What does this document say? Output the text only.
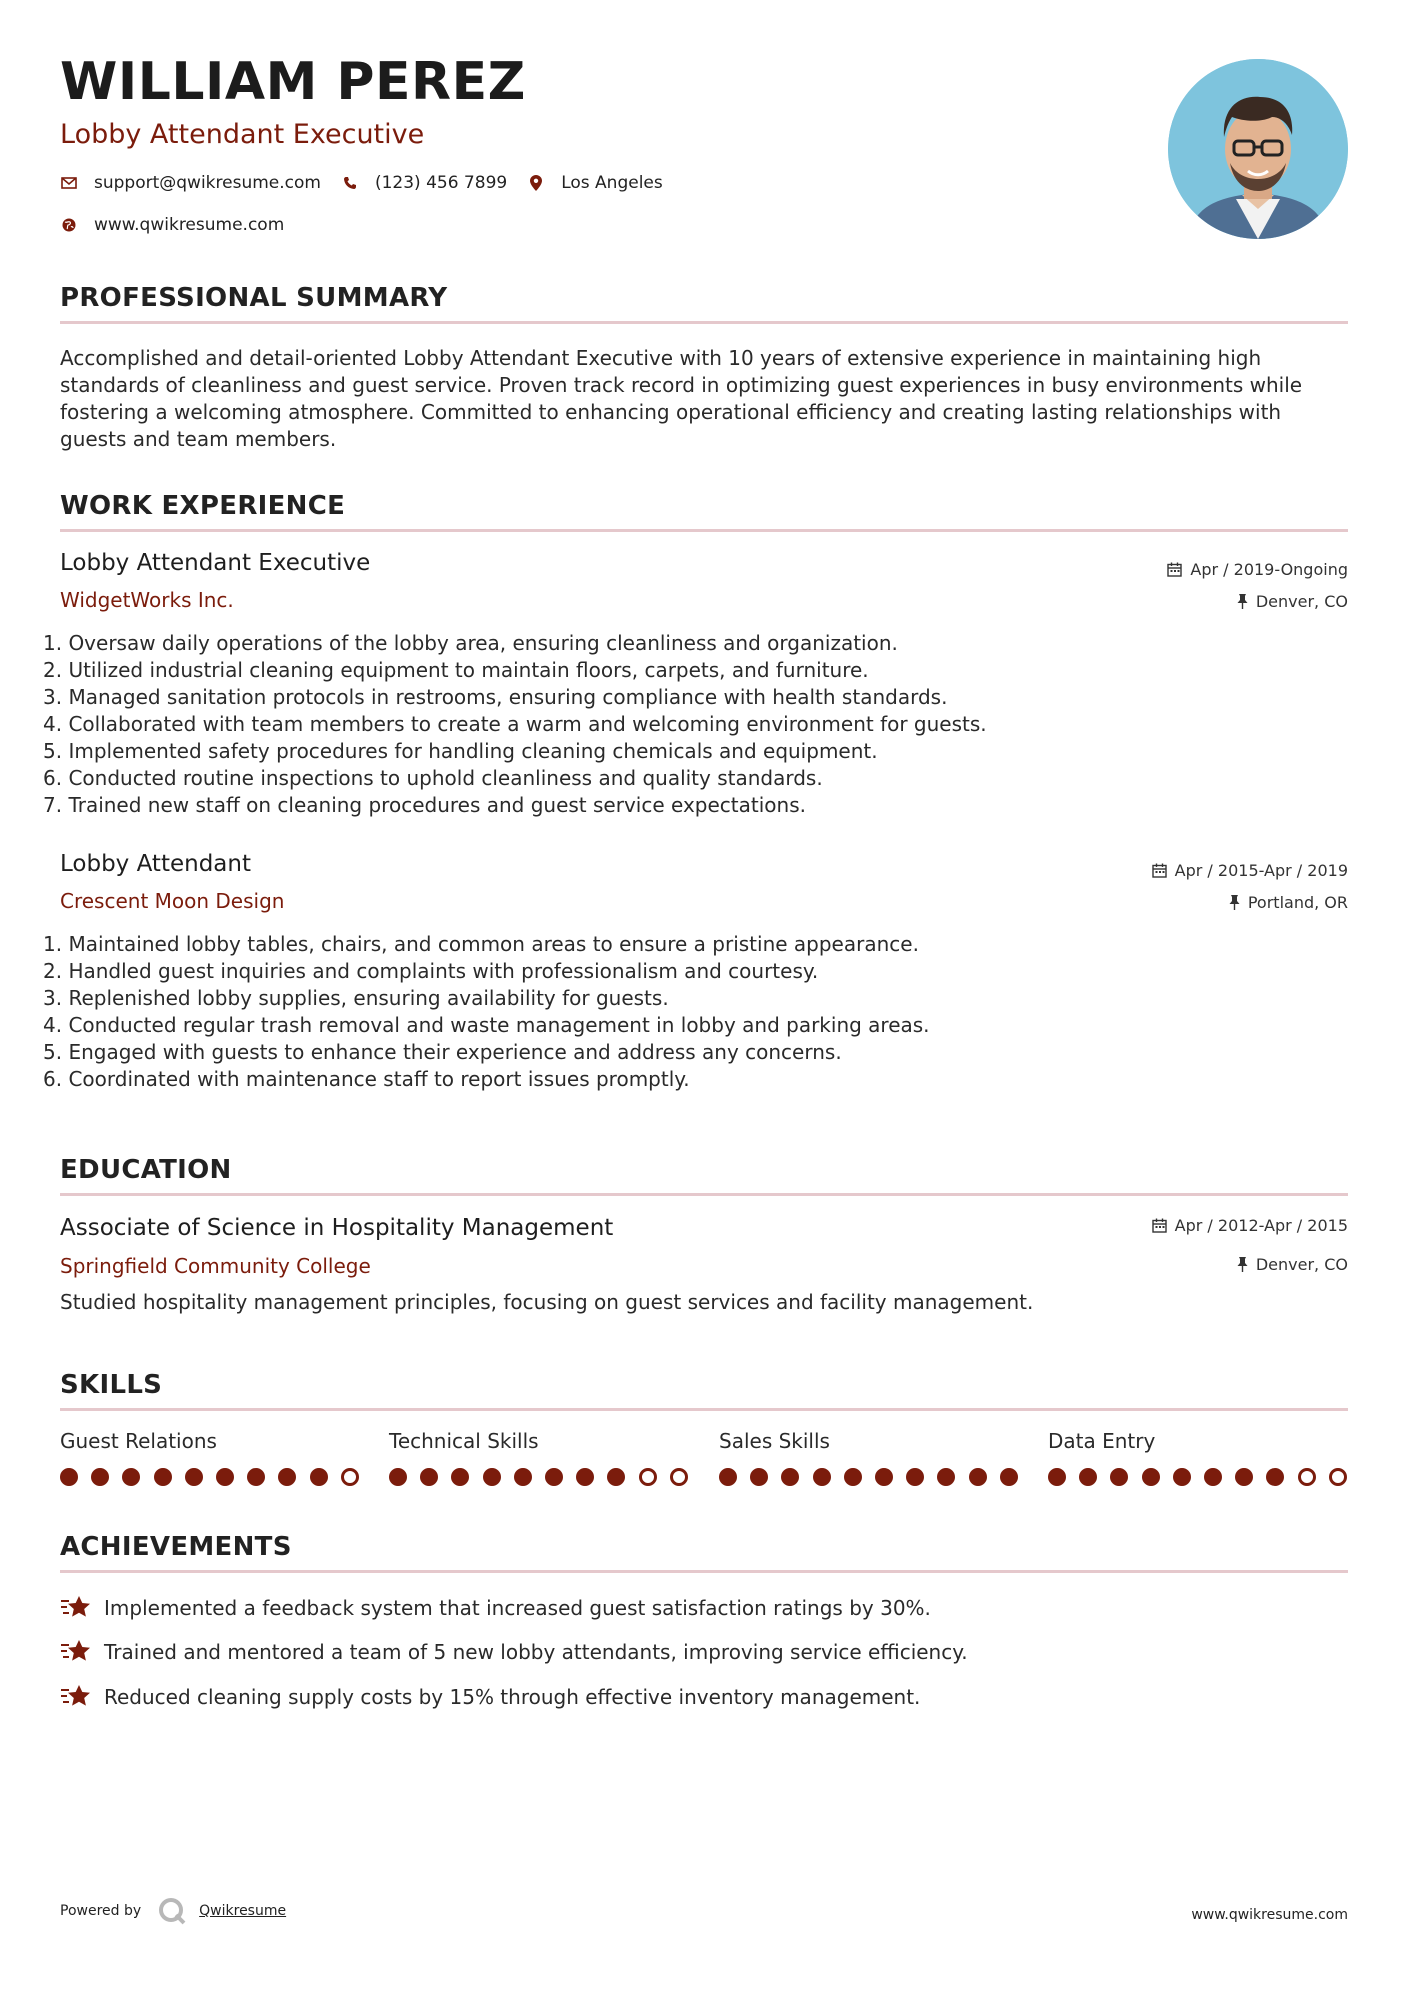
WILLIAM PEREZ
Lobby Attendant Executive
support@qwikresume.com	(123) 456 7899	Los Angeles
www.qwikresume.com
PROFESSIONAL SUMMARY

Accomplished and detail-oriented Lobby Attendant Executive with 10 years of extensive experience in maintaining high standards of cleanliness and guest service. Proven track record in optimizing guest experiences in busy environments while fostering a welcoming atmosphere. Committed to enhancing operational efficiency and creating lasting relationships with guests and team members.

WORK EXPERIENCE
Lobby Attendant Executive
WidgetWorks Inc.
Apr / 2019-Ongoing
Denver, CO
1. Oversaw daily operations of the lobby area, ensuring cleanliness and organization.
2. Utilized industrial cleaning equipment to maintain floors, carpets, and furniture.
3. Managed sanitation protocols in restrooms, ensuring compliance with health standards.
4. Collaborated with team members to create a warm and welcoming environment for guests.
5. Implemented safety procedures for handling cleaning chemicals and equipment.
6. Conducted routine inspections to uphold cleanliness and quality standards.
7. Trained new staff on cleaning procedures and guest service expectations.
Lobby Attendant
Crescent Moon Design
Apr / 2015-Apr / 2019
Portland, OR
1. Maintained lobby tables, chairs, and common areas to ensure a pristine appearance.
2. Handled guest inquiries and complaints with professionalism and courtesy.
3. Replenished lobby supplies, ensuring availability for guests.
4. Conducted regular trash removal and waste management in lobby and parking areas.
5. Engaged with guests to enhance their experience and address any concerns.
6. Coordinated with maintenance staff to report issues promptly.
EDUCATION
Associate of Science in Hospitality Management
Springfield Community College
Apr / 2012-Apr / 2015
Denver, CO

Studied hospitality management principles, focusing on guest services and facility management.

SKILLS
Guest Relations	Technical Skills	Sales Skills	Data Entry
ACHIEVEMENTS
Implemented a feedback system that increased guest satisfaction ratings by 30%.
Trained and mentored a team of 5 new lobby attendants, improving service efficiency.
Reduced cleaning supply costs by 15% through effective inventory management.
Powered by	Qwikresume	www.qwikresume.com
